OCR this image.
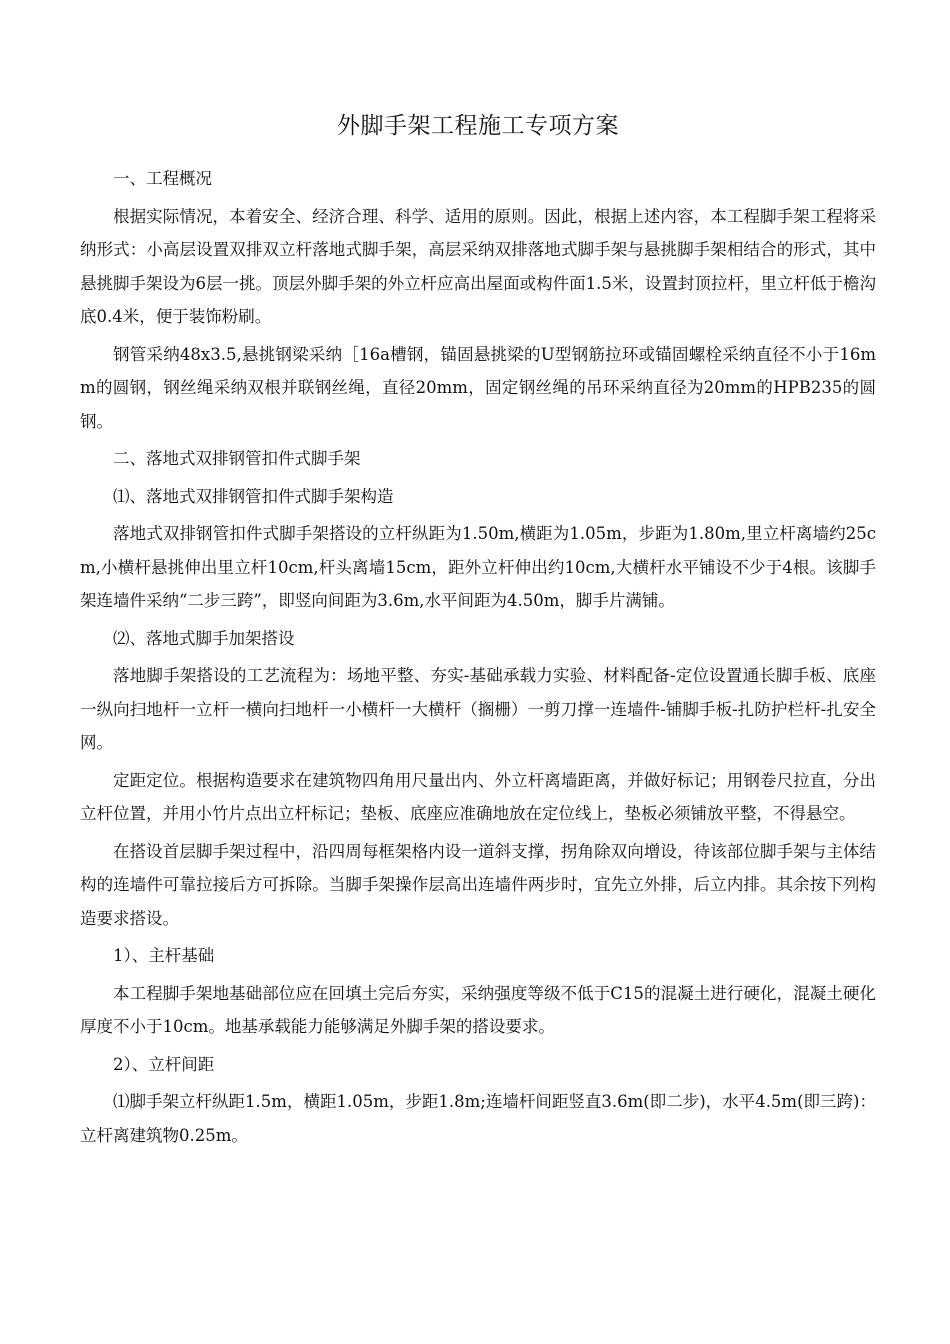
外脚手架工程施工专项方案

一、工程概况

根据实际情况，本着安全、经济合理、科学、适用的原则。因此，根据上述内容，本工程脚手架工程将采纳形式：小高层设置双排双立杆落地式脚手架，高层采纳双排落地式脚手架与悬挑脚手架相结合的形式，其中悬挑脚手架设为6层一挑。顶层外脚手架的外立杆应高出屋面或构件面1.5米，设置封顶拉杆，里立杆低于檐沟底0.4米，便于装饰粉刷。

钢管采纳48x3.5,悬挑钢梁采纳［16a槽钢，锚固悬挑梁的U型钢筋拉环或锚固螺栓采纳直径不小于16mm的圆钢，钢丝绳采纳双根并联钢丝绳，直径20mm，固定钢丝绳的吊环采纳直径为20mm的HPB235的圆钢。

二、落地式双排钢管扣件式脚手架

⑴、落地式双排钢管扣件式脚手架构造

落地式双排钢管扣件式脚手架搭设的立杆纵距为1.50m,横距为1.05m，步距为1.80m,里立杆离墙约25cm,小横杆悬挑伸出里立杆10cm,杆头离墙15cm，距外立杆伸出约10cm,大横杆水平铺设不少于4根。该脚手架连墙件采纳“二步三跨”，即竖向间距为3.6m,水平间距为4.50m，脚手片满铺。

⑵、落地式脚手加架搭设

落地脚手架搭设的工艺流程为：场地平整、夯实-基础承载力实验、材料配备-定位设置通长脚手板、底座一纵向扫地杆一立杆一横向扫地杆一小横杆一大横杆（搁栅）一剪刀撑一连墙件-铺脚手板-扎防护栏杆-扎安全网。

定距定位。根据构造要求在建筑物四角用尺量出内、外立杆离墙距离，并做好标记；用钢卷尺拉直，分出立杆位置，并用小竹片点出立杆标记；垫板、底座应准确地放在定位线上，垫板必须铺放平整，不得悬空。

在搭设首层脚手架过程中，沿四周每框架格内设一道斜支撑，拐角除双向增设，待该部位脚手架与主体结构的连墙件可靠拉接后方可拆除。当脚手架操作层高出连墙件两步时，宜先立外排，后立内排。其余按下列构造要求搭设。

1）、主杆基础

本工程脚手架地基础部位应在回填土完后夯实，采纳强度等级不低于C15的混凝土进行硬化，混凝土硬化厚度不小于10cm。地基承载能力能够满足外脚手架的搭设要求。

2）、立杆间距

⑴脚手架立杆纵距1.5m，横距1.05m，步距1.8m;连墙杆间距竖直3.6m(即二步)，水平4.5m(即三跨)：立杆离建筑物0.25m。
